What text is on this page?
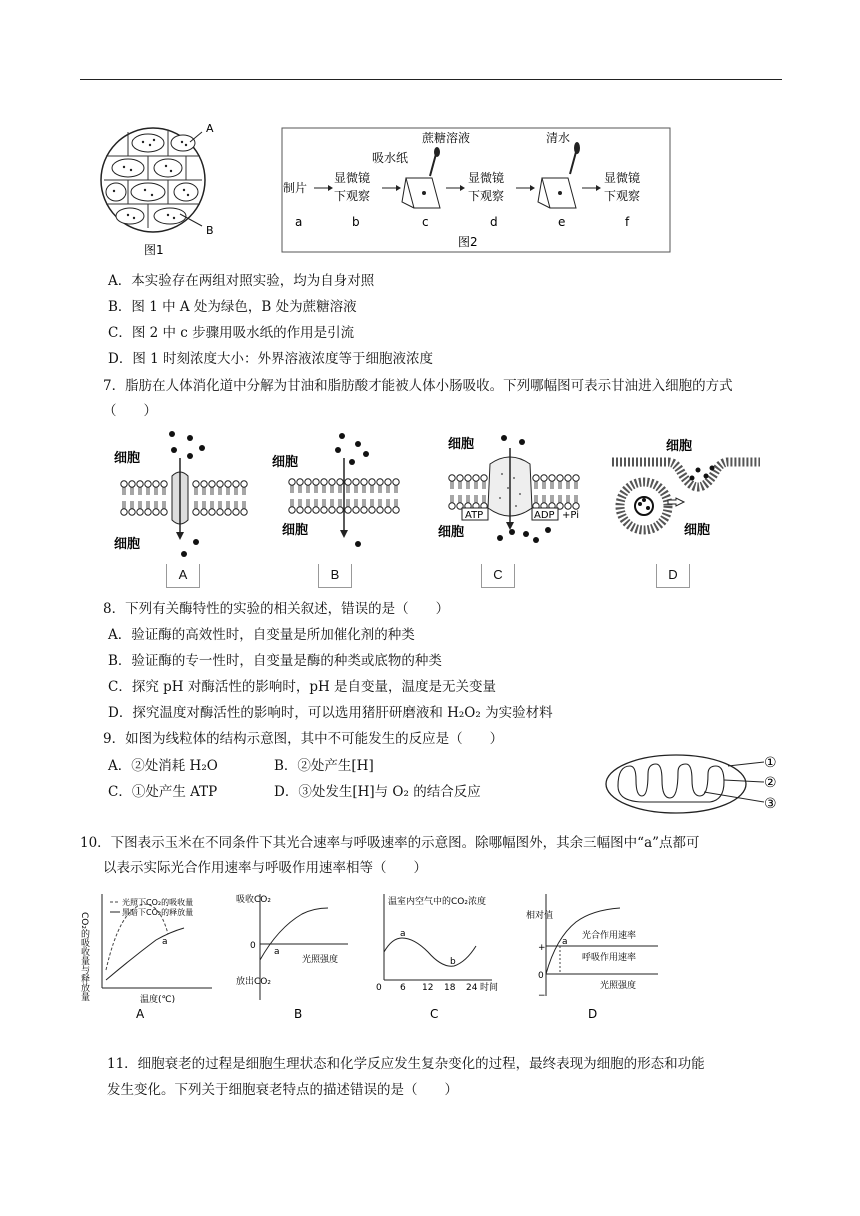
A
B
图1
制片
显微镜
下观察
吸水纸
蔗糖溶液
显微镜
下观察
清水
显微镜
下观察
a	b	c	d	e	f
图2
A．本实验存在两组对照实验，均为自身对照
B．图 1 中 A 处为绿色，B 处为蔗糖溶液
C．图 2 中 c 步骤用吸水纸的作用是引流
D．图 1 时刻浓度大小：外界溶液浓度等于细胞液浓度
7．脂肪在人体消化道中分解为甘油和脂肪酸才能被人体小肠吸收。下列哪幅图可表示甘油进入细胞的方式
（　　）
细胞
细胞
细胞
细胞
细胞
细胞
ATP	ADP +Pi
细胞
细胞
A	B	C	D
8．下列有关酶特性的实验的相关叙述，错误的是（　　）
A．验证酶的高效性时，自变量是所加催化剂的种类
B．验证酶的专一性时，自变量是酶的种类或底物的种类
C．探究 pH 对酶活性的影响时，pH 是自变量，温度是无关变量
D．探究温度对酶活性的影响时，可以选用猪肝研磨液和 H₂O₂ 为实验材料
9．如图为线粒体的结构示意图，其中不可能发生的反应是（　　）
A．②处消耗 H₂O	B．②处产生[H]
C．①处产生 ATP	D．③处发生[H]与 O₂ 的结合反应
①
②
③
10．下图表示玉米在不同条件下其光合速率与呼吸速率的示意图。除哪幅图外，其余三幅图中“a”点都可
以表示实际光合作用速率与呼吸作用速率相等（　　）
CO₂的吸收量与释放量
光照下CO₂的吸收量
黑暗下CO₂的释放量
a
温度(℃)
A
吸收CO₂
放出CO₂
0
a
光照强度
B
温室内空气中的CO₂浓度
a
b
0 6 12 18 24 时间
C
相对值
+
0
−
a
光合作用速率
呼吸作用速率
光照强度
D
11．细胞衰老的过程是细胞生理状态和化学反应发生复杂变化的过程，最终表现为细胞的形态和功能
发生变化。下列关于细胞衰老特点的描述错误的是（　　）
